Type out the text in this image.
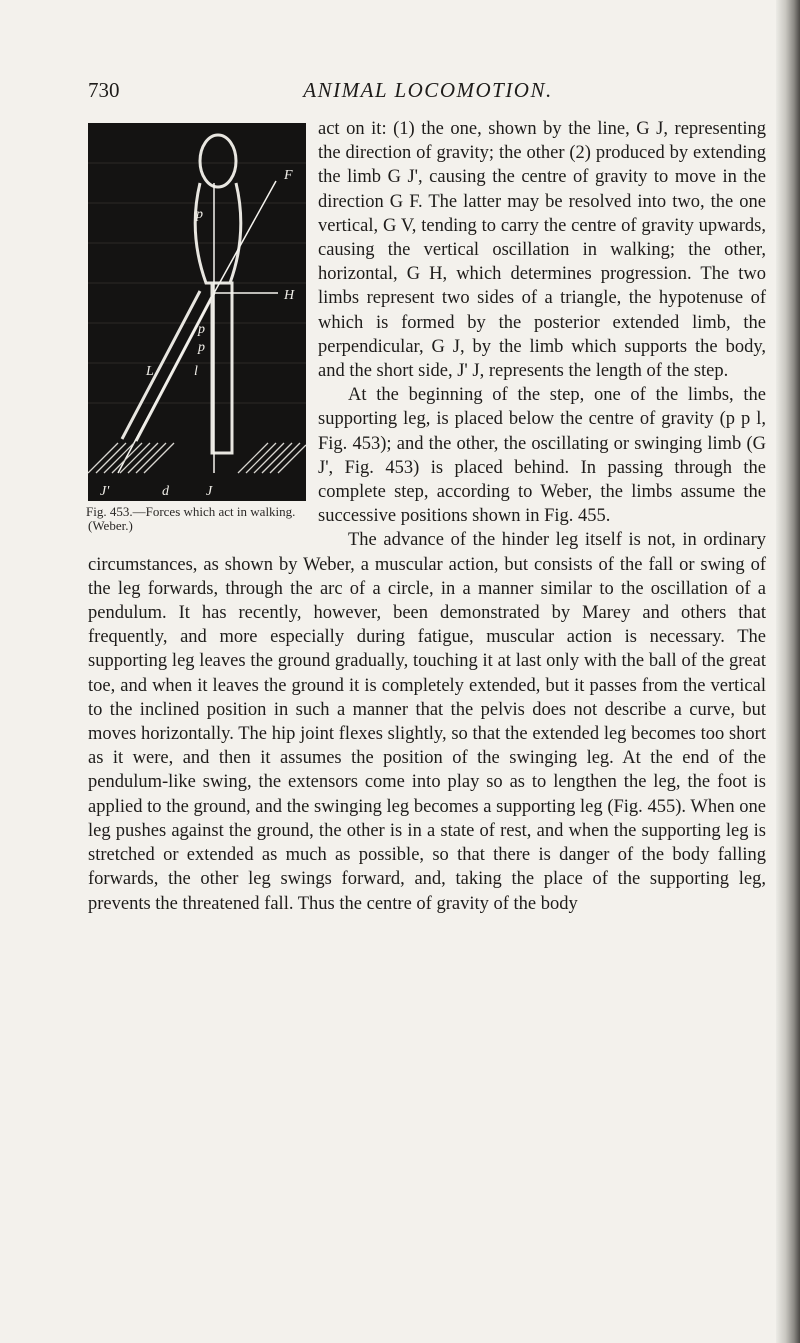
730	ANIMAL LOCOMOTION.
p
F
H
p
p
l
L
J'	d	J
Fig. 453.—Forces which act in walking. (Weber.)

act on it: (1) the one, shown by the line, G J, representing the direction of gravity; the other (2) produced by extending the limb G J', causing the centre of gravity to move in the direction G F. The latter may be resolved into two, the one vertical, G V, tending to carry the centre of gravity upwards, causing the vertical oscillation in walking; the other, horizontal, G H, which determines progression. The two limbs represent two sides of a triangle, the hypotenuse of which is formed by the posterior extended limb, the perpendicular, G J, by the limb which supports the body, and the short side, J' J, represents the length of the step.

At the beginning of the step, one of the limbs, the supporting leg, is placed below the centre of gravity (p p l, Fig. 453); and the other, the oscillating or swinging limb (G J', Fig. 453) is placed behind. In passing through the complete step, according to Weber, the limbs assume the successive positions shown in Fig. 455.

The advance of the hinder leg itself is not, in ordinary circumstances, as shown by Weber, a muscular action, but consists of the fall or swing of the leg forwards, through the arc of a circle, in a manner similar to the oscillation of a pendulum. It has recently, however, been demonstrated by Marey and others that frequently, and more especially during fatigue, muscular action is necessary. The supporting leg leaves the ground gradually, touching it at last only with the ball of the great toe, and when it leaves the ground it is completely extended, but it passes from the vertical to the inclined position in such a manner that the pelvis does not describe a curve, but moves horizontally. The hip joint flexes slightly, so that the extended leg becomes too short as it were, and then it assumes the position of the swinging leg. At the end of the pendulum-like swing, the extensors come into play so as to lengthen the leg, the foot is applied to the ground, and the swinging leg becomes a supporting leg (Fig. 455). When one leg pushes against the ground, the other is in a state of rest, and when the supporting leg is stretched or extended as much as possible, so that there is danger of the body falling forwards, the other leg swings forward, and, taking the place of the supporting leg, prevents the threatened fall. Thus the centre of gravity of the body
